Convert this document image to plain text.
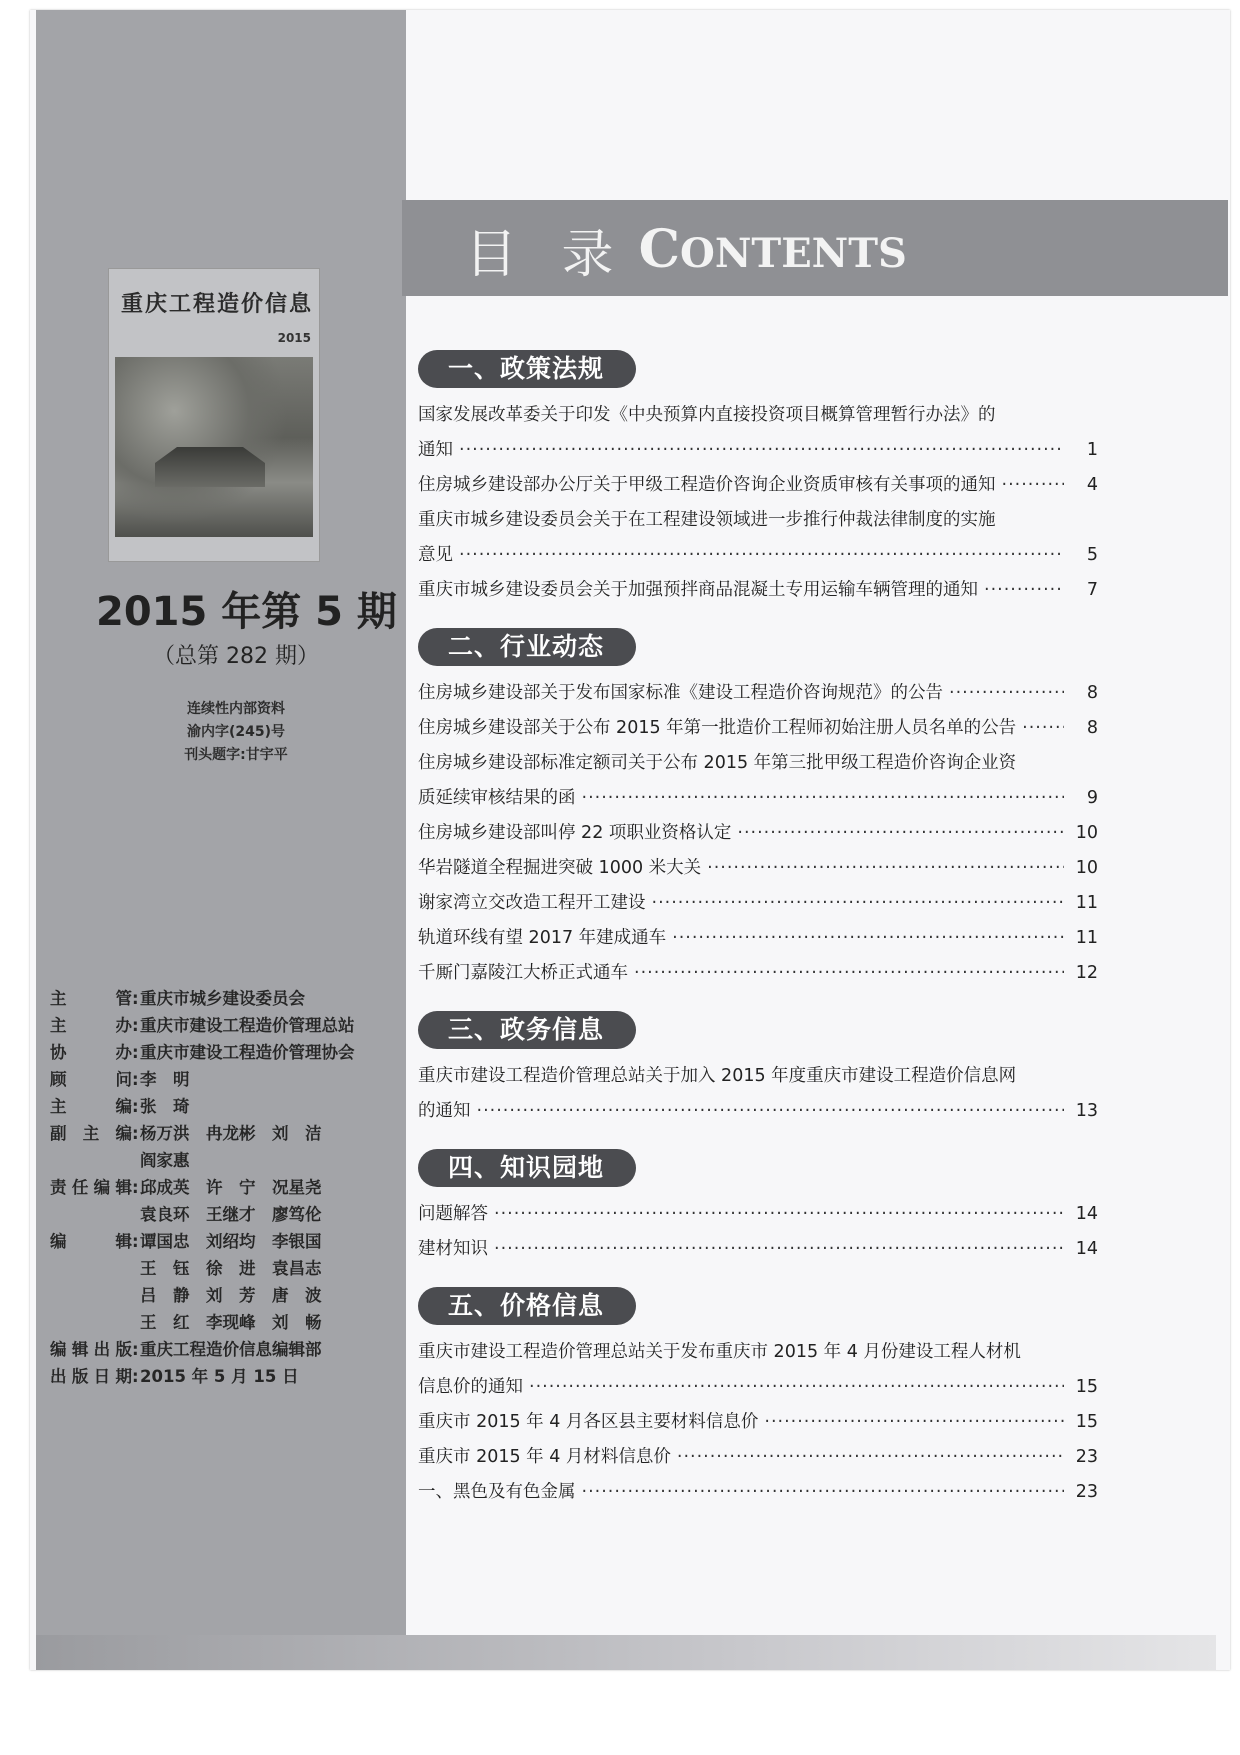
目 录 CONTENTS
重庆工程造价信息
2015
2015 年第 5 期
（总第 282 期）
连续性内部资料
渝内字(245)号
刊头题字:甘宇平
主管 : 重庆市城乡建设委员会
主办 : 重庆市建设工程造价管理总站
协办 : 重庆市建设工程造价管理协会
顾问 : 李　明
主编 : 张　琦
副主编 : 杨万洪　冉龙彬　刘　洁
阎家惠
责任编辑 : 邱成英　许　宁　况星尧
袁良环　王继才　廖笃伦
编辑 : 谭国忠　刘绍均　李银国
王　钰　徐　进　袁昌志
吕　静　刘　芳　唐　波
王　红　李现峰　刘　畅
编辑出版 : 重庆工程造价信息编辑部
出版日期 : 2015 年 5 月 15 日
一、政策法规
国家发展改革委关于印发《中央预算内直接投资项目概算管理暂行办法》的
通知 ·····	1
住房城乡建设部办公厅关于甲级工程造价咨询企业资质审核有关事项的通知 ·····	4
重庆市城乡建设委员会关于在工程建设领域进一步推行仲裁法律制度的实施
意见 ·····	5
重庆市城乡建设委员会关于加强预拌商品混凝土专用运输车辆管理的通知 ·····	7
二、行业动态
住房城乡建设部关于发布国家标准《建设工程造价咨询规范》的公告 ·····	8
住房城乡建设部关于公布 2015 年第一批造价工程师初始注册人员名单的公告 ·····	8
住房城乡建设部标准定额司关于公布 2015 年第三批甲级工程造价咨询企业资
质延续审核结果的函 ·····	9
住房城乡建设部叫停 22 项职业资格认定 ·····	10
华岩隧道全程掘进突破 1000 米大关 ·····	10
谢家湾立交改造工程开工建设 ·····	11
轨道环线有望 2017 年建成通车 ·····	11
千厮门嘉陵江大桥正式通车 ·····	12
三、政务信息
重庆市建设工程造价管理总站关于加入 2015 年度重庆市建设工程造价信息网
的通知 ·····	13
四、知识园地
问题解答 ·····	14
建材知识 ·····	14
五、价格信息
重庆市建设工程造价管理总站关于发布重庆市 2015 年 4 月份建设工程人材机
信息价的通知 ·····	15
重庆市 2015 年 4 月各区县主要材料信息价 ·····	15
重庆市 2015 年 4 月材料信息价 ·····	23
一、黑色及有色金属 ·····	23
